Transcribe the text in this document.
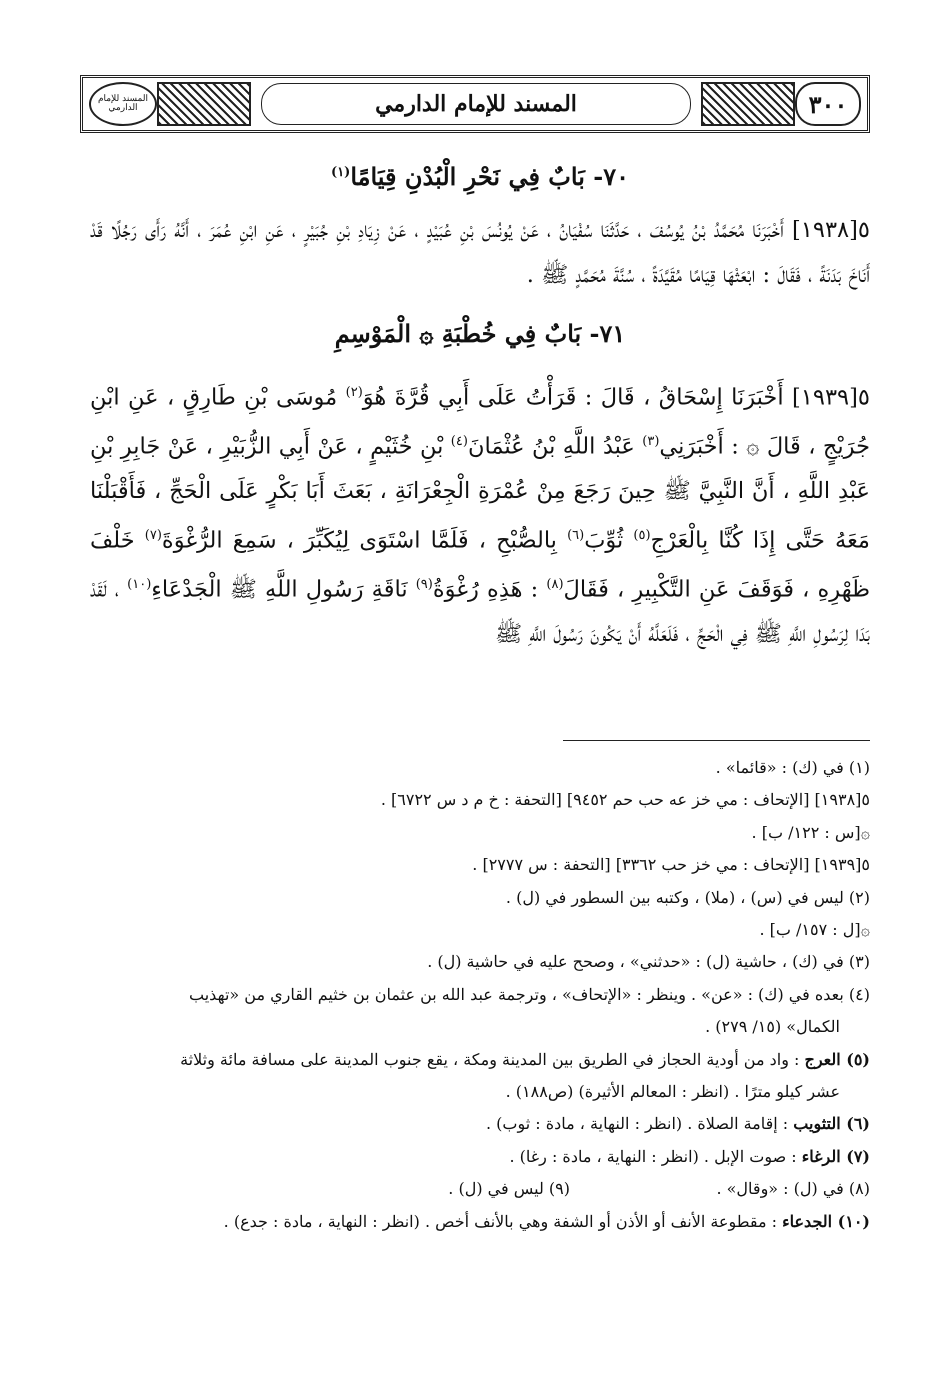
المسند للإمام الدارمي	المسند للإمام الدارمي	٣٠٠

٧٠- بَابٌ فِي نَحْرِ الْبُدْنِ قِيَامًا$^{(١)}$

٥[١٩٣٨] أَخْبَرَنَا مُحَمَّدُ بْنُ يُوسُفَ ، حَدَّثَنَا سُفْيَانُ ، عَنْ يُونُسَ بْنِ عُبَيْدٍ ، عَنْ زِيَادِ بْنِ جُبَيْرٍ ، عَنِ ابْنِ عُمَرَ ، أَنَّهُ رَأَى رَجُلًا قَدْ أَنَاخَ بَدَنَةً ، فَقَالَ : ابْعَثْهَا قِيَامًا مُقَيَّدَةً ، سُنَّةَ مُحَمَّدٍ ﷺ .

٧١- بَابٌ فِي خُطْبَةِ ۞ الْمَوْسِمِ

٥[١٩٣٩] أَخْبَرَنَا إِسْحَاقُ ، قَالَ : قَرَأْتُ عَلَى أَبِي قُرَّةَ هُوَ$^{(٢)}$ مُوسَى بْنِ طَارِقٍ ، عَنِ ابْنِ جُرَيْجٍ ، قَالَ ۞ : أَخْبَرَنِي$^{(٣)}$ عَبْدُ اللَّهِ بْنُ عُثْمَانَ$^{(٤)}$ بْنِ خُثَيْمٍ ، عَنْ أَبِي الزُّبَيْرِ ، عَنْ جَابِرِ بْنِ عَبْدِ اللَّهِ ، أَنَّ النَّبِيَّ ﷺ حِينَ رَجَعَ مِنْ عُمْرَةِ الْجِعْرَانَةِ ، بَعَثَ أَبَا بَكْرٍ عَلَى الْحَجِّ ، فَأَقْبَلْنَا مَعَهُ حَتَّى إِذَا كُنَّا بِالْعَرْجِ$^{(٥)}$ ثُوِّبَ$^{(٦)}$ بِالصُّبْحِ ، فَلَمَّا اسْتَوَى لِيُكَبِّرَ ، سَمِعَ الرُّغْوَةَ$^{(٧)}$ خَلْفَ ظَهْرِهِ ، فَوَقَفَ عَنِ التَّكْبِيرِ ، فَقَالَ$^{(٨)}$ : هَذِهِ رُغْوَةُ$^{(٩)}$ نَاقَةِ رَسُولِ اللَّهِ ﷺ الْجَدْعَاءِ$^{(١٠)}$ ، لَقَدْ بَدَا لِرَسُولِ اللَّهِ ﷺ فِي الْحَجِّ ، فَلَعَلَّهُ أَنْ يَكُونَ رَسُولَ اللَّهِ ﷺ

(١) في (ك) : «قائما» .

٥[١٩٣٨] [الإتحاف : مي خز عه حب حم ٩٤٥٢] [التحفة : خ م د س ٦٧٢٢] .

۞[س : ١٢٢/ ب] .

٥[١٩٣٩] [الإتحاف : مي خز حب ٣٣٦٢] [التحفة : س ٢٧٧٧] .

(٢) ليس في (س) ، (ملا) ، وكتبه بين السطور في (ل) .

۞[ل : ١٥٧/ ب] .

(٣) في (ك) ، حاشية (ل) : «حدثني» ، وصحح عليه في حاشية (ل) .

(٤) بعده في (ك) : «عن» . وينظر : «الإتحاف» ، وترجمة عبد الله بن عثمان بن خثيم القاري من «تهذيب

الكمال» (١٥/ ٢٧٩) .

(٥) العرج : واد من أودية الحجاز في الطريق بين المدينة ومكة ، يقع جنوب المدينة على مسافة مائة وثلاثة

عشر كيلو مترًا . (انظر : المعالم الأثيرة) (ص١٨٨) .

(٦) التثويب : إقامة الصلاة . (انظر : النهاية ، مادة : ثوب) .

(٧) الرغاء : صوت الإبل . (انظر : النهاية ، مادة : رغا) .

(٨) في (ل) : «وقال» .
(٩) ليس في (ل) .

(١٠) الجدعاء : مقطوعة الأنف أو الأذن أو الشفة وهي بالأنف أخص . (انظر : النهاية ، مادة : جدع) .
